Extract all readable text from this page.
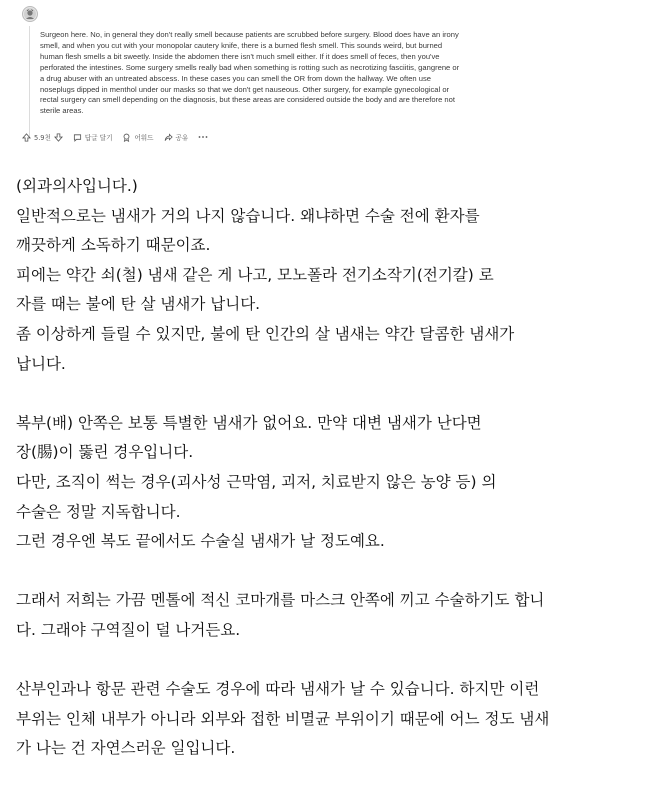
Surgeon here. No, in general they don't really smell because patients are scrubbed before surgery. Blood does have an irony smell, and when you cut with your monopolar cautery knife, there is a burned flesh smell. This sounds weird, but burned human flesh smells a bit sweetly. Inside the abdomen there isn't much smell either. If it does smell of feces, then you've perforated the intestines. Some surgery smells really bad when something is rotting such as necrotizing fasciitis, gangrene or a drug abuser with an untreated abscess. In these cases you can smell the OR from down the hallway. We often use noseplugs dipped in menthol under our masks so that we don't get nauseous. Other surgery, for example gynecological or rectal surgery can smell depending on the diagnosis, but these areas are considered outside the body and are therefore not sterile areas.
5.9천	답글 달기	어워드	공유

(외과의사입니다.)

일반적으로는 냄새가 거의 나지 않습니다. 왜냐하면 수술 전에 환자를

깨끗하게 소독하기 때문이죠.

피에는 약간 쇠(철) 냄새 같은 게 나고, 모노폴라 전기소작기(전기칼) 로

자를 때는 불에 탄 살 냄새가 납니다.

좀 이상하게 들릴 수 있지만, 불에 탄 인간의 살 냄새는 약간 달콤한 냄새가

납니다.

복부(배) 안쪽은 보통 특별한 냄새가 없어요. 만약 대변 냄새가 난다면

장(腸)이 뚫린 경우입니다.

다만, 조직이 썩는 경우(괴사성 근막염, 괴저, 치료받지 않은 농양 등) 의

수술은 정말 지독합니다.

그런 경우엔 복도 끝에서도 수술실 냄새가 날 정도예요.

그래서 저희는 가끔 멘톨에 적신 코마개를 마스크 안쪽에 끼고 수술하기도 합니

다. 그래야 구역질이 덜 나거든요.

산부인과나 항문 관련 수술도 경우에 따라 냄새가 날 수 있습니다. 하지만 이런

부위는 인체 내부가 아니라 외부와 접한 비멸균 부위이기 때문에 어느 정도 냄새

가 나는 건 자연스러운 일입니다.
